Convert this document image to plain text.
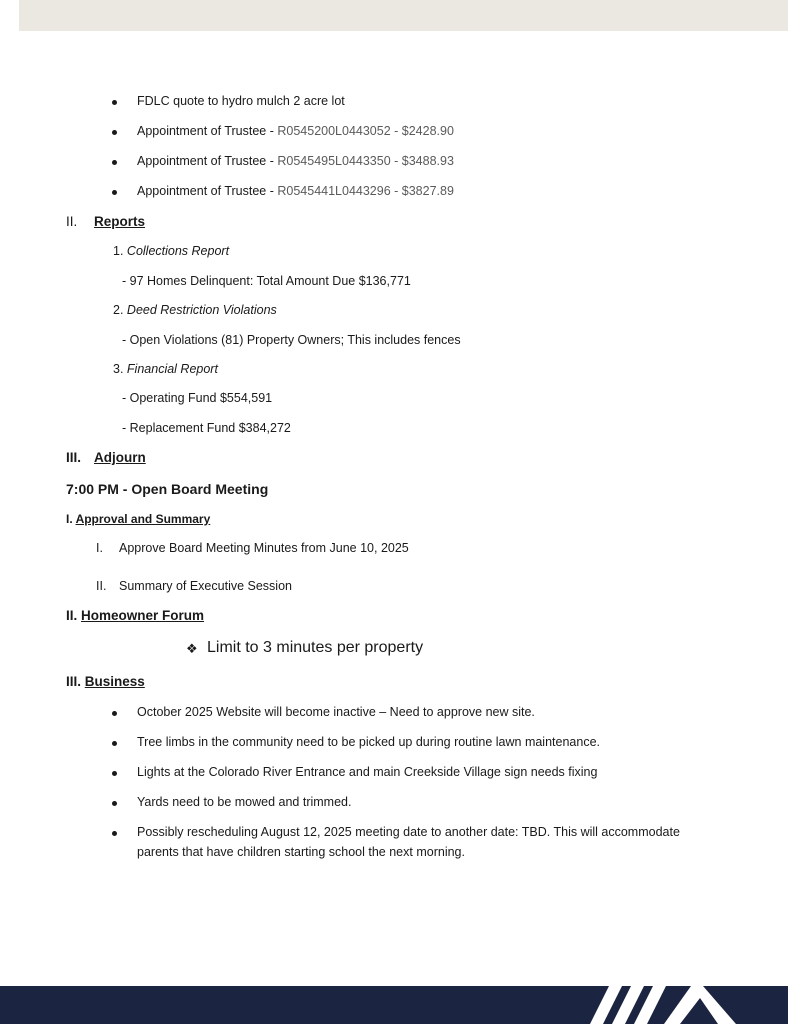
FDLC quote to hydro mulch 2 acre lot
Appointment of Trustee - R0545200L0443052 - $2428.90
Appointment of Trustee - R0545495L0443350 - $3488.93
Appointment of Trustee - R0545441L0443296 - $3827.89
II. Reports
1. Collections Report
- 97 Homes Delinquent: Total Amount Due $136,771
2. Deed Restriction Violations
- Open Violations (81) Property Owners; This includes fences
3. Financial Report
- Operating Fund $554,591
- Replacement Fund $384,272
III. Adjourn
7:00 PM - Open Board Meeting
I. Approval and Summary
I. Approve Board Meeting Minutes from June 10, 2025
II. Summary of Executive Session
II. Homeowner Forum
❖ Limit to 3 minutes per property
III. Business
October 2025 Website will become inactive – Need to approve new site.
Tree limbs in the community need to be picked up during routine lawn maintenance.
Lights at the Colorado River Entrance and main Creekside Village sign needs fixing
Yards need to be mowed and trimmed.
Possibly rescheduling August 12, 2025 meeting date to another date: TBD. This will accommodate
parents that have children starting school the next morning.
